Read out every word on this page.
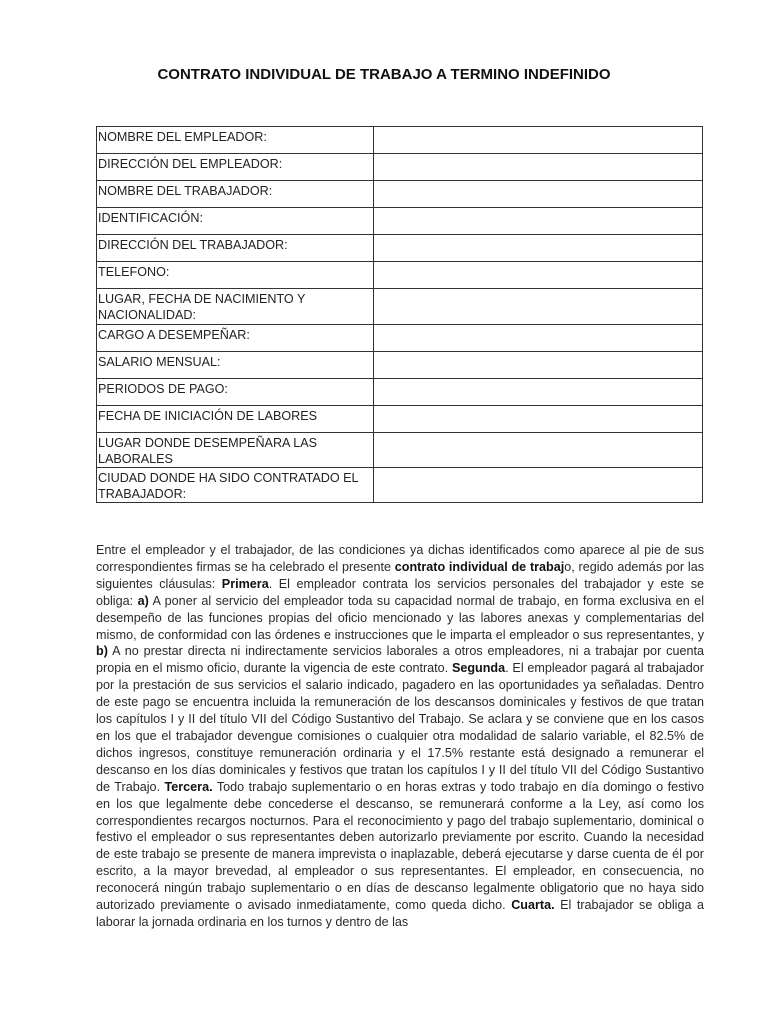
CONTRATO INDIVIDUAL DE TRABAJO A TERMINO INDEFINIDO
NOMBRE DEL EMPLEADOR:	

DIRECCIÓN DEL EMPLEADOR:	

NOMBRE DEL TRABAJADOR:	

IDENTIFICACIÓN:	

DIRECCIÓN DEL TRABAJADOR:	

TELEFONO:	

LUGAR, FECHA DE NACIMIENTO Y NACIONALIDAD:	

CARGO A DESEMPEÑAR:	

SALARIO MENSUAL:	

PERIODOS DE PAGO:	

FECHA DE INICIACIÓN DE LABORES	

LUGAR DONDE DESEMPEÑARA LAS LABORALES	

CIUDAD DONDE HA SIDO CONTRATADO EL TRABAJADOR:	

Entre el empleador y el trabajador, de las condiciones ya dichas identificados como aparece al pie de sus correspondientes firmas se ha celebrado el presente contrato individual de trabajo, regido además por las siguientes cláusulas: Primera. El empleador contrata los servicios personales del trabajador y este se obliga: a) A poner al servicio del empleador toda su capacidad normal de trabajo, en forma exclusiva en el desempeño de las funciones propias del oficio mencionado y las labores anexas y complementarias del mismo, de conformidad con las órdenes e instrucciones que le imparta el empleador o sus representantes, y b) A no prestar directa ni indirectamente servicios laborales a otros empleadores, ni a trabajar por cuenta propia en el mismo oficio, durante la vigencia de este contrato. Segunda. El empleador pagará al trabajador por la prestación de sus servicios el salario indicado, pagadero en las oportunidades ya señaladas. Dentro de este pago se encuentra incluida la remuneración de los descansos dominicales y festivos de que tratan los capítulos I y II del título VII del Código Sustantivo del Trabajo. Se aclara y se conviene que en los casos en los que el trabajador devengue comisiones o cualquier otra modalidad de salario variable, el 82.5% de dichos ingresos, constituye remuneración ordinaria y el 17.5% restante está designado a remunerar el descanso en los días dominicales y festivos que tratan los capítulos I y II del título VII del Código Sustantivo de Trabajo. Tercera. Todo trabajo suplementario o en horas extras y todo trabajo en día domingo o festivo en los que legalmente debe concederse el descanso, se remunerará conforme a la Ley, así como los correspondientes recargos nocturnos. Para el reconocimiento y pago del trabajo suplementario, dominical o festivo el empleador o sus representantes deben autorizarlo previamente por escrito. Cuando la necesidad de este trabajo se presente de manera imprevista o inaplazable, deberá ejecutarse y darse cuenta de él por escrito, a la mayor brevedad, al empleador o sus representantes. El empleador, en consecuencia, no reconocerá ningún trabajo suplementario o en días de descanso legalmente obligatorio que no haya sido autorizado previamente o avisado inmediatamente, como queda dicho. Cuarta. El trabajador se obliga a laborar la jornada ordinaria en los turnos y dentro de las
